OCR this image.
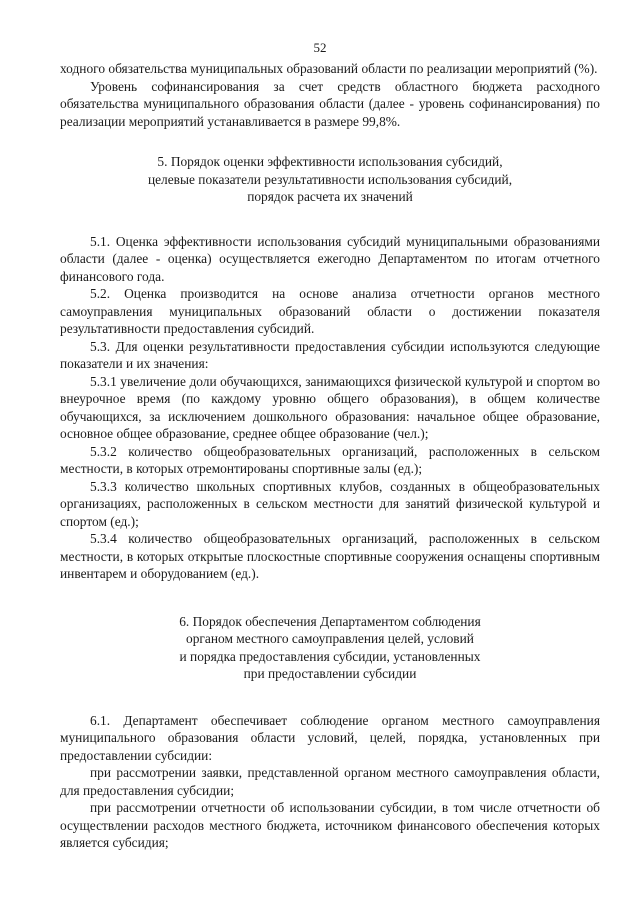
52

ходного обязательства муниципальных образований области по реализации мероприятий (%).

Уровень софинансирования за счет средств областного бюджета расходного обязательства муниципального образования области (далее - уровень софинансирования) по реализации мероприятий устанавливается в размере 99,8%.

5. Порядок оценки эффективности использования субсидий,
целевые показатели результативности использования субсидий,
порядок расчета их значений

5.1. Оценка эффективности использования субсидий муниципальными образованиями области (далее - оценка) осуществляется ежегодно Департаментом по итогам отчетного финансового года.

5.2. Оценка производится на основе анализа отчетности органов местного самоуправления муниципальных образований области о достижении показателя результативности предоставления субсидий.

5.3. Для оценки результативности предоставления субсидии используются следующие показатели и их значения:

5.3.1 увеличение доли обучающихся, занимающихся физической культурой и спортом во внеурочное время (по каждому уровню общего образования), в общем количестве обучающихся, за исключением дошкольного образования: начальное общее образование, основное общее образование, среднее общее образование (чел.);

5.3.2 количество общеобразовательных организаций, расположенных в сельском местности, в которых отремонтированы спортивные залы (ед.);

5.3.3 количество школьных спортивных клубов, созданных в общеобразовательных организациях, расположенных в сельском местности для занятий физической культурой и спортом (ед.);

5.3.4 количество общеобразовательных организаций, расположенных в сельском местности, в которых открытые плоскостные спортивные сооружения оснащены спортивным инвентарем и оборудованием (ед.).

6. Порядок обеспечения Департаментом соблюдения
органом местного самоуправления целей, условий
и порядка предоставления субсидии, установленных
при предоставлении субсидии

6.1. Департамент обеспечивает соблюдение органом местного самоуправления муниципального образования области условий, целей, порядка, установленных при предоставлении субсидии:

при рассмотрении заявки, представленной органом местного самоуправления области, для предоставления субсидии;

при рассмотрении отчетности об использовании субсидии, в том числе отчетности об осуществлении расходов местного бюджета, источником финансового обеспечения которых является субсидия;
